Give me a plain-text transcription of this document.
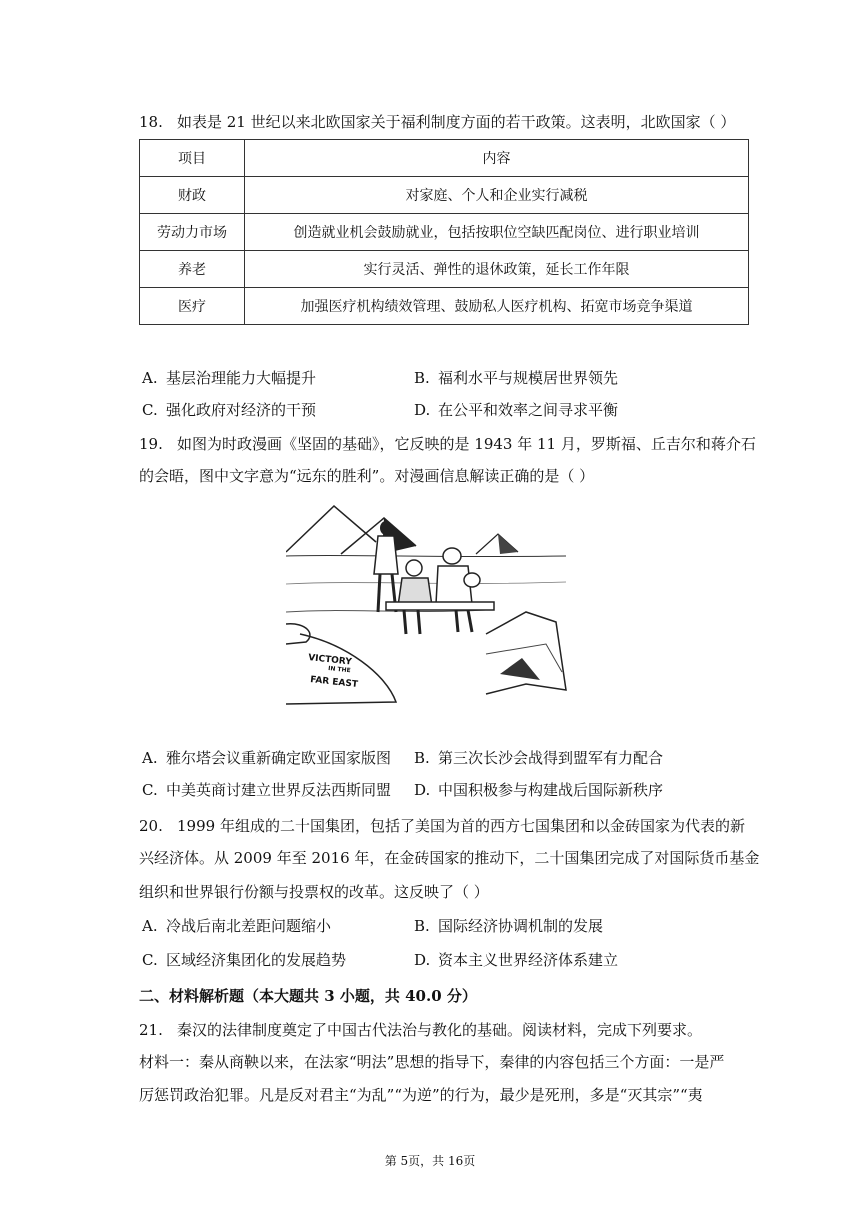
18. 如表是 21 世纪以来北欧国家关于福利制度方面的若干政策。这表明，北欧国家（ ）
项目	内容
财政	对家庭、个人和企业实行减税
劳动力市场	创造就业机会鼓励就业，包括按职位空缺匹配岗位、进行职业培训
养老	实行灵活、弹性的退休政策，延长工作年限
医疗	加强医疗机构绩效管理、鼓励私人医疗机构、拓宽市场竞争渠道
A. 基层治理能力大幅提升	B. 福利水平与规模居世界领先
C. 强化政府对经济的干预	D. 在公平和效率之间寻求平衡
19. 如图为时政漫画《坚固的基础》，它反映的是 1943 年 11 月，罗斯福、丘吉尔和蒋介石
的会晤，图中文字意为“远东的胜利”。对漫画信息解读正确的是（ ）
VICTORY
IN THE
FAR EAST
A. 雅尔塔会议重新确定欧亚国家版图 B. 第三次长沙会战得到盟军有力配合
C. 中美英商讨建立世界反法西斯同盟 D. 中国积极参与构建战后国际新秩序
20. 1999 年组成的二十国集团，包括了美国为首的西方七国集团和以金砖国家为代表的新
兴经济体。从 2009 年至 2016 年，在金砖国家的推动下，二十国集团完成了对国际货币基金
组织和世界银行份额与投票权的改革。这反映了（ ）
A. 冷战后南北差距问题缩小	B. 国际经济协调机制的发展
C. 区域经济集团化的发展趋势	D. 资本主义世界经济体系建立
二、材料解析题（本大题共 3 小题，共 40.0 分）
21. 秦汉的法律制度奠定了中国古代法治与教化的基础。阅读材料，完成下列要求。
材料一：秦从商鞅以来，在法家“明法”思想的指导下，秦律的内容包括三个方面：一是严
厉惩罚政治犯罪。凡是反对君主“为乱”“为逆”的行为，最少是死刑，多是“灭其宗”“夷
第 5页，共 16页
